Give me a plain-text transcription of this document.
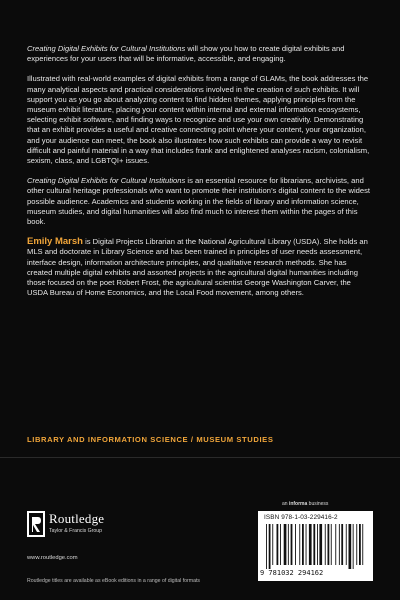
Creating Digital Exhibits for Cultural Institutions will show you how to create digital exhibits and experiences for your users that will be informative, accessible, and engaging.

Illustrated with real-world examples of digital exhibits from a range of GLAMs, the book addresses the many analytical aspects and practical considerations involved in the creation of such exhibits. It will support you as you go about analyzing content to find hidden themes, applying principles from the museum exhibit literature, placing your content within internal and external information ecosystems, selecting exhibit software, and finding ways to recognize and use your own creativity. Demonstrating that an exhibit provides a useful and creative connecting point where your content, your organization, and your audience can meet, the book also illustrates how such exhibits can provide a way to revisit difficult and painful material in a way that includes frank and enlightened analyses racism, colonialism, sexism, class, and LGBTQI+ issues.

Creating Digital Exhibits for Cultural Institutions is an essential resource for librarians, archivists, and other cultural heritage professionals who want to promote their institution’s digital content to the widest possible audience. Academics and students working in the fields of library and information science, museum studies, and digital humanities will also find much to interest them within the pages of this book.

Emily Marsh is Digital Projects Librarian at the National Agricultural Library (USDA). She holds an MLS and doctorate in Library Science and has been trained in principles of user needs assessment, interface design, information architecture principles, and qualitative research methods. She has created multiple digital exhibits and assorted projects in the agricultural digital humanities including those focused on the poet Robert Frost, the agricultural scientist George Washington Carver, the USDA Bureau of Home Economics, and the Local Food movement, among others.

LIBRARY AND INFORMATION SCIENCE / MUSEUM STUDIES
an informa business
Routledge
Taylor & Francis Group
www.routledge.com
ISBN 978-1-03-229416-2
9 781032 294162
Routledge titles are available as eBook editions in a range of digital formats
